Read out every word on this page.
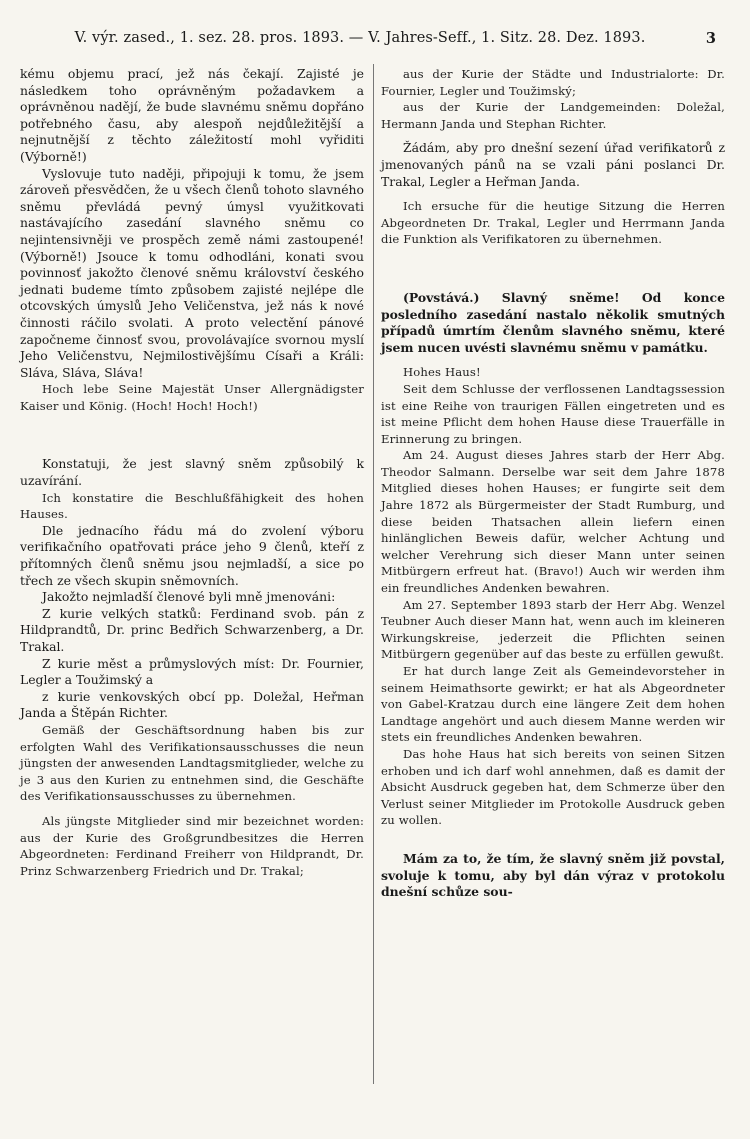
V. výr. zased., 1. sez. 28. pros. 1893. — V. Jahres-Seff., 1. Sitz. 28. Dez. 1893.	3

kému objemu prací, jež nás čekají. Zajisté je následkem toho oprávněným požadavkem a oprávněnou nadějí, že bude slavnému sněmu dopřáno potřebného času, aby alespoň nejdůležitější a nejnutnější z těchto záležitostí mohl vyřiditi (Výborně!)

Vyslovuje tuto naději, připojuji k tomu, že jsem zároveň přesvědčen, že u všech členů tohoto slavného sněmu převládá pevný úmysl využitkovati nastávajícího zasedání slavného sněmu co nejintensivněji ve prospěch země námi zastoupené! (Výborně!) Jsouce k tomu odhodláni, konati svou povinnosť jakožto členové sněmu království českého jednati budeme tímto způsobem zajisté nejlépe dle otcovských úmyslů Jeho Veličenstva, jež nás k nové činnosti ráčilo svolati. A proto velectění pánové započneme činnosť svou, provolávajíce svornou myslí Jeho Veličenstvu, Nejmilostivějšímu Císaři a Králi: Sláva, Sláva, Sláva!

Hoch lebe Seine Majestät Unser Allergnädigster Kaiser und König. (Hoch! Hoch! Hoch!)

Konstatuji, že jest slavný sněm způsobilý k uzavírání.

Ich konstatire die Beschlußfähigkeit des hohen Hauses.

Dle jednacího řádu má do zvolení výboru verifikačního opatřovati práce jeho 9 členů, kteří z přítomných členů sněmu jsou nejmladší, a sice po třech ze všech skupin sněmovních.

Jakožto nejmladší členové byli mně jmenováni:

Z kurie velkých statků: Ferdinand svob. pán z Hildprandtů, Dr. princ Bedřich Schwarzenberg, a Dr. Trakal.

Z kurie měst a průmyslových míst: Dr. Fournier, Legler a Toužimský a

z kurie venkovských obcí pp. Doležal, Heřman Janda a Štěpán Richter.

Gemäß der Geschäftsordnung haben bis zur erfolgten Wahl des Verifikationsausschusses die neun jüngsten der anwesenden Landtagsmitglieder, welche zu je 3 aus den Kurien zu entnehmen sind, die Geschäfte des Verifikationsausschusses zu übernehmen.

Als jüngste Mitglieder sind mir bezeichnet worden: aus der Kurie des Großgrundbesitzes die Herren Abgeordneten: Ferdinand Freiherr von Hildprandt, Dr. Prinz Schwarzenberg Friedrich und Dr. Trakal;

aus der Kurie der Städte und Industrialorte: Dr. Fournier, Legler und Toužimský;

aus der Kurie der Landgemeinden: Doležal, Hermann Janda und Stephan Richter.

Žádám, aby pro dnešní sezení úřad verifikatorů z jmenovaných pánů na se vzali páni poslanci Dr. Trakal, Legler a Heřman Janda.

Ich ersuche für die heutige Sitzung die Herren Abgeordneten Dr. Trakal, Legler und Herrmann Janda die Funktion als Verifikatoren zu übernehmen.

(Povstává.) Slavný sněme! Od konce posledního zasedání nastalo několik smutných případů úmrtím členům slavného sněmu, které jsem nucen uvésti slavnému sněmu v památku.

Hohes Haus!

Seit dem Schlusse der verflossenen Landtagssession ist eine Reihe von traurigen Fällen eingetreten und es ist meine Pflicht dem hohen Hause diese Trauerfälle in Erinnerung zu bringen.

Am 24. August dieses Jahres starb der Herr Abg. Theodor Salmann. Derselbe war seit dem Jahre 1878 Mitglied dieses hohen Hauses; er fungirte seit dem Jahre 1872 als Bürgermeister der Stadt Rumburg, und diese beiden Thatsachen allein liefern einen hinlänglichen Beweis dafür, welcher Achtung und welcher Verehrung sich dieser Mann unter seinen Mitbürgern erfreut hat. (Bravo!) Auch wir werden ihm ein freundliches Andenken bewahren.

Am 27. September 1893 starb der Herr Abg. Wenzel Teubner Auch dieser Mann hat, wenn auch im kleineren Wirkungskreise, jederzeit die Pflichten seinen Mitbürgern gegenüber auf das beste zu erfüllen gewußt.

Er hat durch lange Zeit als Gemeindevorsteher in seinem Heimathsorte gewirkt; er hat als Abgeordneter von Gabel-Kratzau durch eine längere Zeit dem hohen Landtage angehört und auch diesem Manne werden wir stets ein freundliches Andenken bewahren.

Das hohe Haus hat sich bereits von seinen Sitzen erhoben und ich darf wohl annehmen, daß es damit der Absicht Ausdruck gegeben hat, dem Schmerze über den Verlust seiner Mitglieder im Protokolle Ausdruck geben zu wollen.

Mám za to, že tím, že slavný sněm již povstal, svoluje k tomu, aby byl dán výraz v protokolu dnešní schůze sou-
